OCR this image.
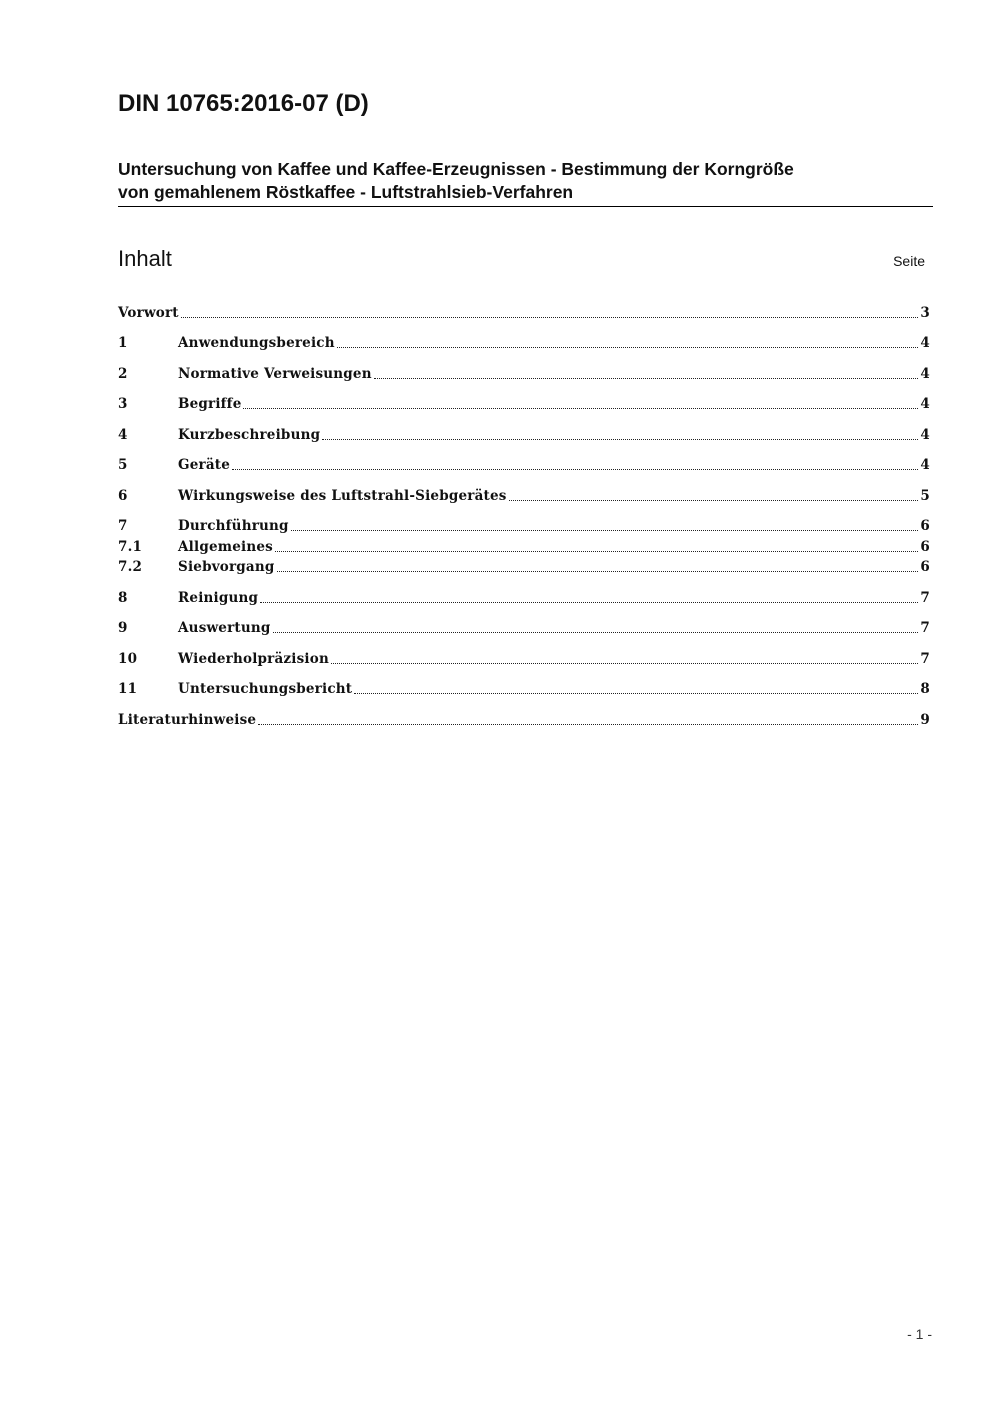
DIN 10765:2016-07 (D)
Untersuchung von Kaffee und Kaffee-Erzeugnissen - Bestimmung der Korngröße
von gemahlenem Röstkaffee - Luftstrahlsieb-Verfahren
Inhalt	Seite
Vorwort	3
1	Anwendungsbereich	4
2	Normative Verweisungen	4
3	Begriffe	4
4	Kurzbeschreibung	4
5	Geräte	4
6	Wirkungsweise des Luftstrahl-Siebgerätes	5
7	Durchführung	6
7.1	Allgemeines	6
7.2	Siebvorgang	6
8	Reinigung	7
9	Auswertung	7
10	Wiederholpräzision	7
11	Untersuchungsbericht	8
Literaturhinweise	9
- 1 -
